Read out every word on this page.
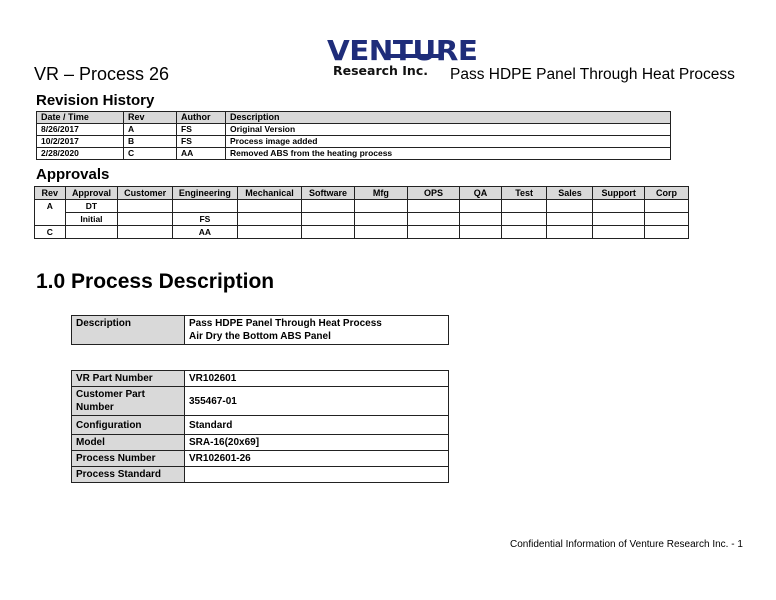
VR – Process 26
VENTURE
Research Inc. Pass HDPE Panel Through Heat Process
Revision History
Date / Time	Rev	Author	Description
8/26/2017	A	FS	Original Version
10/2/2017	B	FS	Process image added
2/28/2020	C	AA	Removed ABS from the heating process
Approvals
Rev	Approval	Customer	Engineering	Mechanical	Software	Mfg	OPS	QA	Test	Sales	Support	Corp
A	DT											
	Initial		FS									
C			AA									
1.0 Process Description
Description	Pass HDPE Panel Through Heat Process
Air Dry the Bottom ABS Panel
VR Part Number	VR102601
Customer Part Number	355467-01
Configuration	Standard
Model	SRA-16(20x69]
Process Number	VR102601-26
Process Standard	
Confidential Information of Venture Research Inc. - 1
